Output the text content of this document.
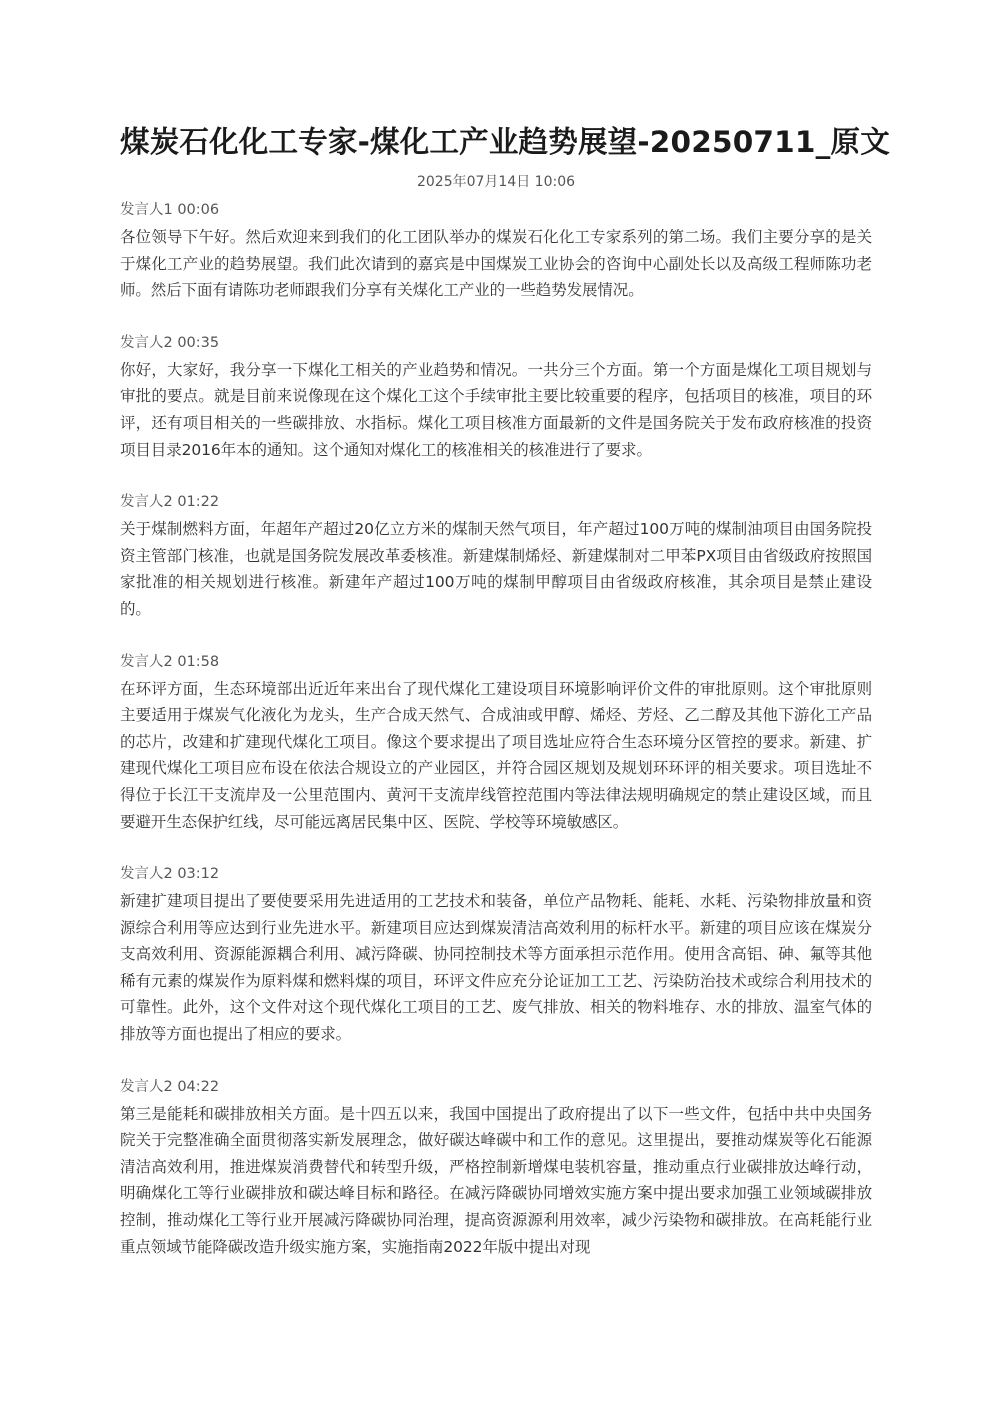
煤炭石化化工专家-煤化工产业趋势展望-20250711_原文
2025年07月14日 10:06
发言人1 00:06
各位领导下午好。然后欢迎来到我们的化工团队举办的煤炭石化化工专家系列的第二场。我们主要分享的是关于煤化工产业的趋势展望。我们此次请到的嘉宾是中国煤炭工业协会的咨询中心副处长以及高级工程师陈功老师。然后下面有请陈功老师跟我们分享有关煤化工产业的一些趋势发展情况。
发言人2 00:35
你好，大家好，我分享一下煤化工相关的产业趋势和情况。一共分三个方面。第一个方面是煤化工项目规划与审批的要点。就是目前来说像现在这个煤化工这个手续审批主要比较重要的程序，包括项目的核准，项目的环评，还有项目相关的一些碳排放、水指标。煤化工项目核准方面最新的文件是国务院关于发布政府核准的投资项目目录2016年本的通知。这个通知对煤化工的核准相关的核准进行了要求。
发言人2 01:22
关于煤制燃料方面，年超年产超过20亿立方米的煤制天然气项目，年产超过100万吨的煤制油项目由国务院投资主管部门核准，也就是国务院发展改革委核准。新建煤制烯烃、新建煤制对二甲苯PX项目由省级政府按照国家批准的相关规划进行核准。新建年产超过100万吨的煤制甲醇项目由省级政府核准，其余项目是禁止建设的。
发言人2 01:58
在环评方面，生态环境部出近近年来出台了现代煤化工建设项目环境影响评价文件的审批原则。这个审批原则主要适用于煤炭气化液化为龙头，生产合成天然气、合成油或甲醇、烯烃、芳烃、乙二醇及其他下游化工产品的芯片，改建和扩建现代煤化工项目。像这个要求提出了项目选址应符合生态环境分区管控的要求。新建、扩建现代煤化工项目应布设在依法合规设立的产业园区，并符合园区规划及规划环环评的相关要求。项目选址不得位于长江干支流岸及一公里范围内、黄河干支流岸线管控范围内等法律法规明确规定的禁止建设区域，而且要避开生态保护红线，尽可能远离居民集中区、医院、学校等环境敏感区。
发言人2 03:12
新建扩建项目提出了要使要采用先进适用的工艺技术和装备，单位产品物耗、能耗、水耗、污染物排放量和资源综合利用等应达到行业先进水平。新建项目应达到煤炭清洁高效利用的标杆水平。新建的项目应该在煤炭分支高效利用、资源能源耦合利用、减污降碳、协同控制技术等方面承担示范作用。使用含高铝、砷、氟等其他稀有元素的煤炭作为原料煤和燃料煤的项目，环评文件应充分论证加工工艺、污染防治技术或综合利用技术的可靠性。此外，这个文件对这个现代煤化工项目的工艺、废气排放、相关的物料堆存、水的排放、温室气体的排放等方面也提出了相应的要求。
发言人2 04:22
第三是能耗和碳排放相关方面。是十四五以来，我国中国提出了政府提出了以下一些文件，包括中共中央国务院关于完整准确全面贯彻落实新发展理念，做好碳达峰碳中和工作的意见。这里提出，要推动煤炭等化石能源清洁高效利用，推进煤炭消费替代和转型升级，严格控制新增煤电装机容量，推动重点行业碳排放达峰行动，明确煤化工等行业碳排放和碳达峰目标和路径。在减污降碳协同增效实施方案中提出要求加强工业领域碳排放控制，推动煤化工等行业开展减污降碳协同治理，提高资源源利用效率，减少污染物和碳排放。在高耗能行业重点领域节能降碳改造升级实施方案，实施指南2022年版中提出对现
